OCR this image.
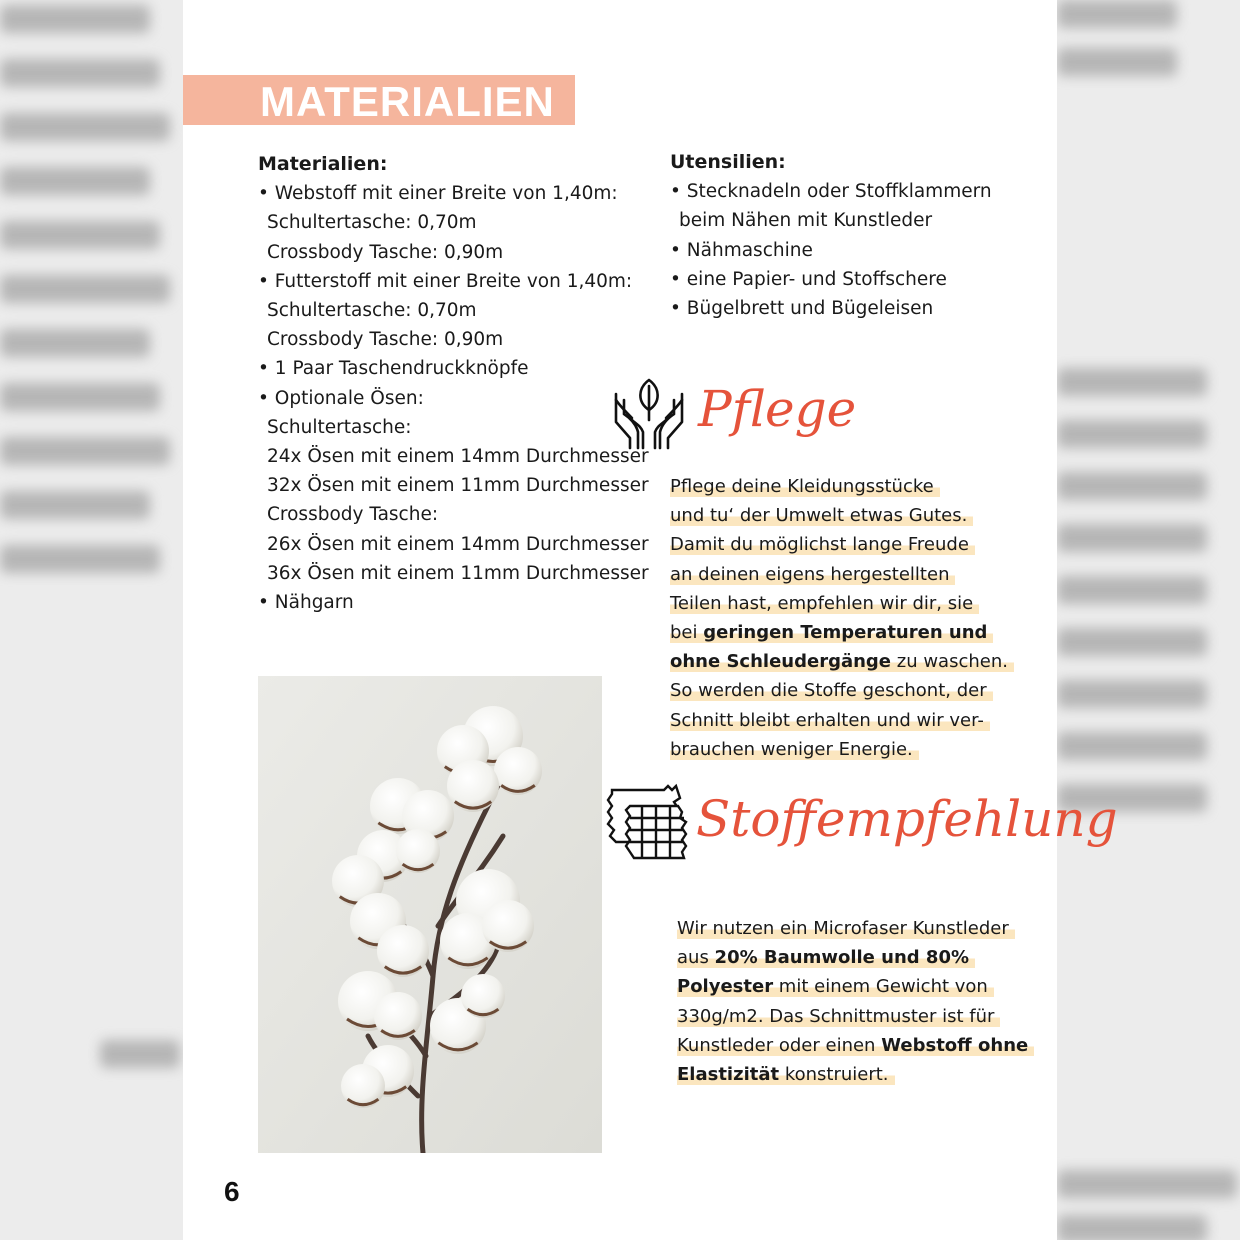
MATERIALIEN
Materialien:
• Webstoff mit einer Breite von 1,40m:
Schultertasche: 0,70m
Crossbody Tasche: 0,90m
• Futterstoff mit einer Breite von 1,40m:
Schultertasche: 0,70m
Crossbody Tasche: 0,90m
• 1 Paar Taschendruckknöpfe
• Optionale Ösen:
Schultertasche:
24x Ösen mit einem 14mm Durchmesser
32x Ösen mit einem 11mm Durchmesser
Crossbody Tasche:
26x Ösen mit einem 14mm Durchmesser
36x Ösen mit einem 11mm Durchmesser
• Nähgarn
Utensilien:
• Stecknadeln oder Stoffklammern
beim Nähen mit Kunstleder
• Nähmaschine
• eine Papier- und Stoffschere
• Bügelbrett und Bügeleisen
Pflege
Pflege deine Kleidungsstücke
und tu‘ der Umwelt etwas Gutes.
Damit du möglichst lange Freude
an deinen eigens hergestellten
Teilen hast, empfehlen wir dir, sie
bei geringen Temperaturen und
ohne Schleudergänge zu waschen.
So werden die Stoffe geschont, der
Schnitt bleibt erhalten und wir ver-
brauchen weniger Energie.
Stoffempfehlung
Wir nutzen ein Microfaser Kunstleder
aus 20% Baumwolle und 80%
Polyester mit einem Gewicht von
330g/m2. Das Schnittmuster ist für
Kunstleder oder einen Webstoff ohne
Elastizität konstruiert.
6
